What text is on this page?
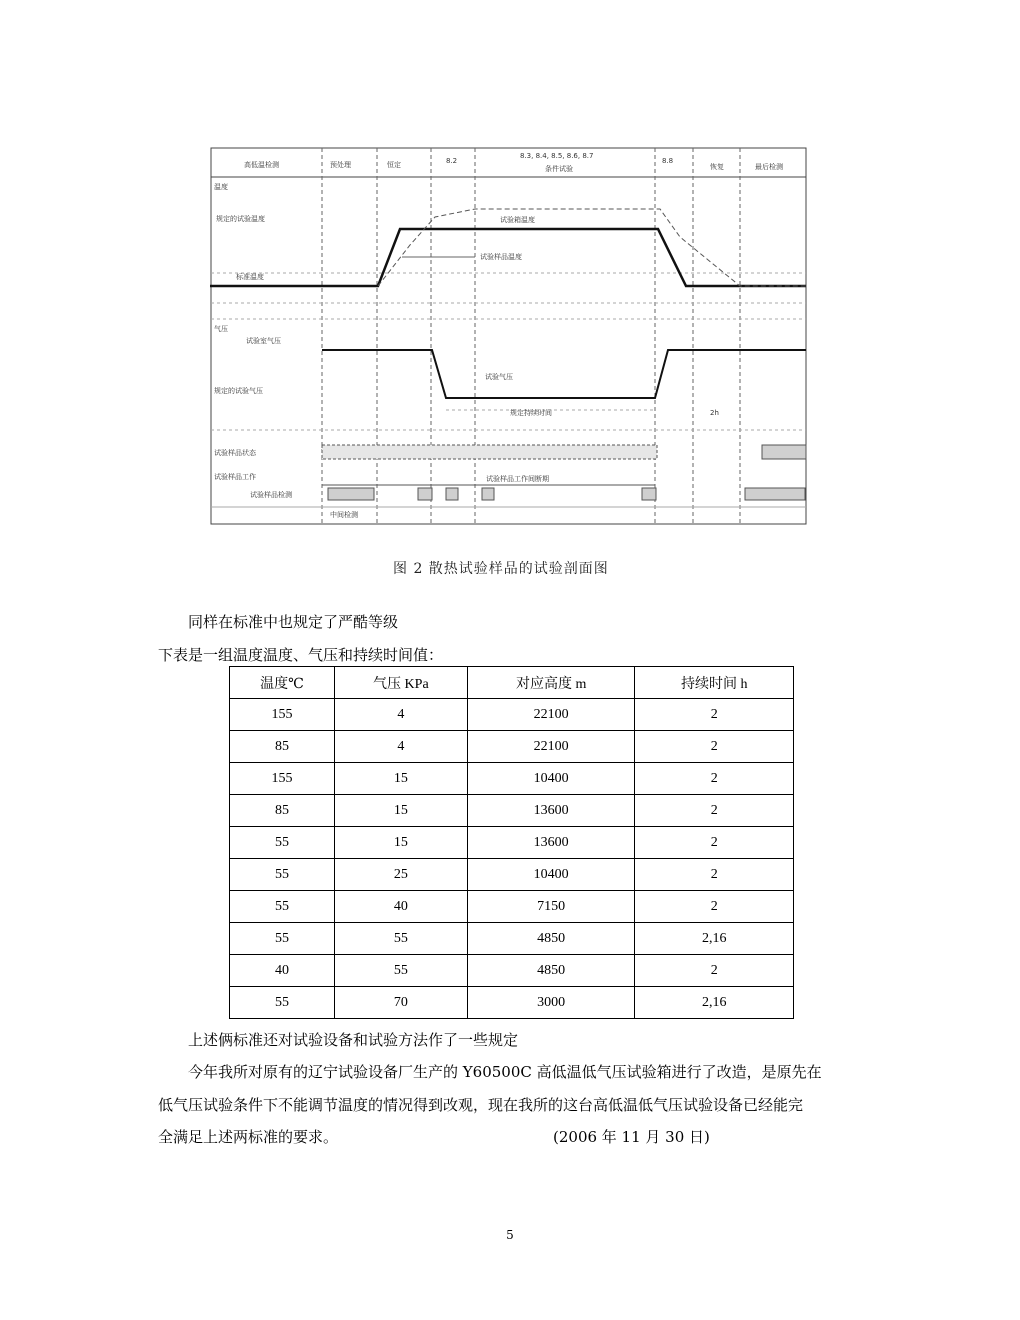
高低温检测	预处理	恒定	8.2
8.3, 8.4, 8.5, 8.6, 8.7
条件试验
8.8
恢复	最后检测
温度
规定的试验温度
标准温度
试验箱温度
试验样品温度
气压
试验室气压
规定的试验气压
试验气压
规定持续时间	2h
试验样品状态
试验样品工作	试验样品工作间断期
试验样品检测
中间检测
图 2 散热试验样品的试验剖面图
同样在标准中也规定了严酷等级
下表是一组温度温度、气压和持续时间值：
温度℃	气压 KPa	对应高度 m	持续时间 h
155	4	22100	2
85	4	22100	2
155	15	10400	2
85	15	13600	2
55	15	13600	2
55	25	10400	2
55	40	7150	2
55	55	4850	2,16
40	55	4850	2
55	70	3000	2,16
上述俩标准还对试验设备和试验方法作了一些规定
今年我所对原有的辽宁试验设备厂生产的 Y60500C 高低温低气压试验箱进行了改造，是原先在
低气压试验条件下不能调节温度的情况得到改观，现在我所的这台高低温低气压试验设备已经能完
全满足上述两标准的要求。	(2006 年 11 月 30 日)
5
